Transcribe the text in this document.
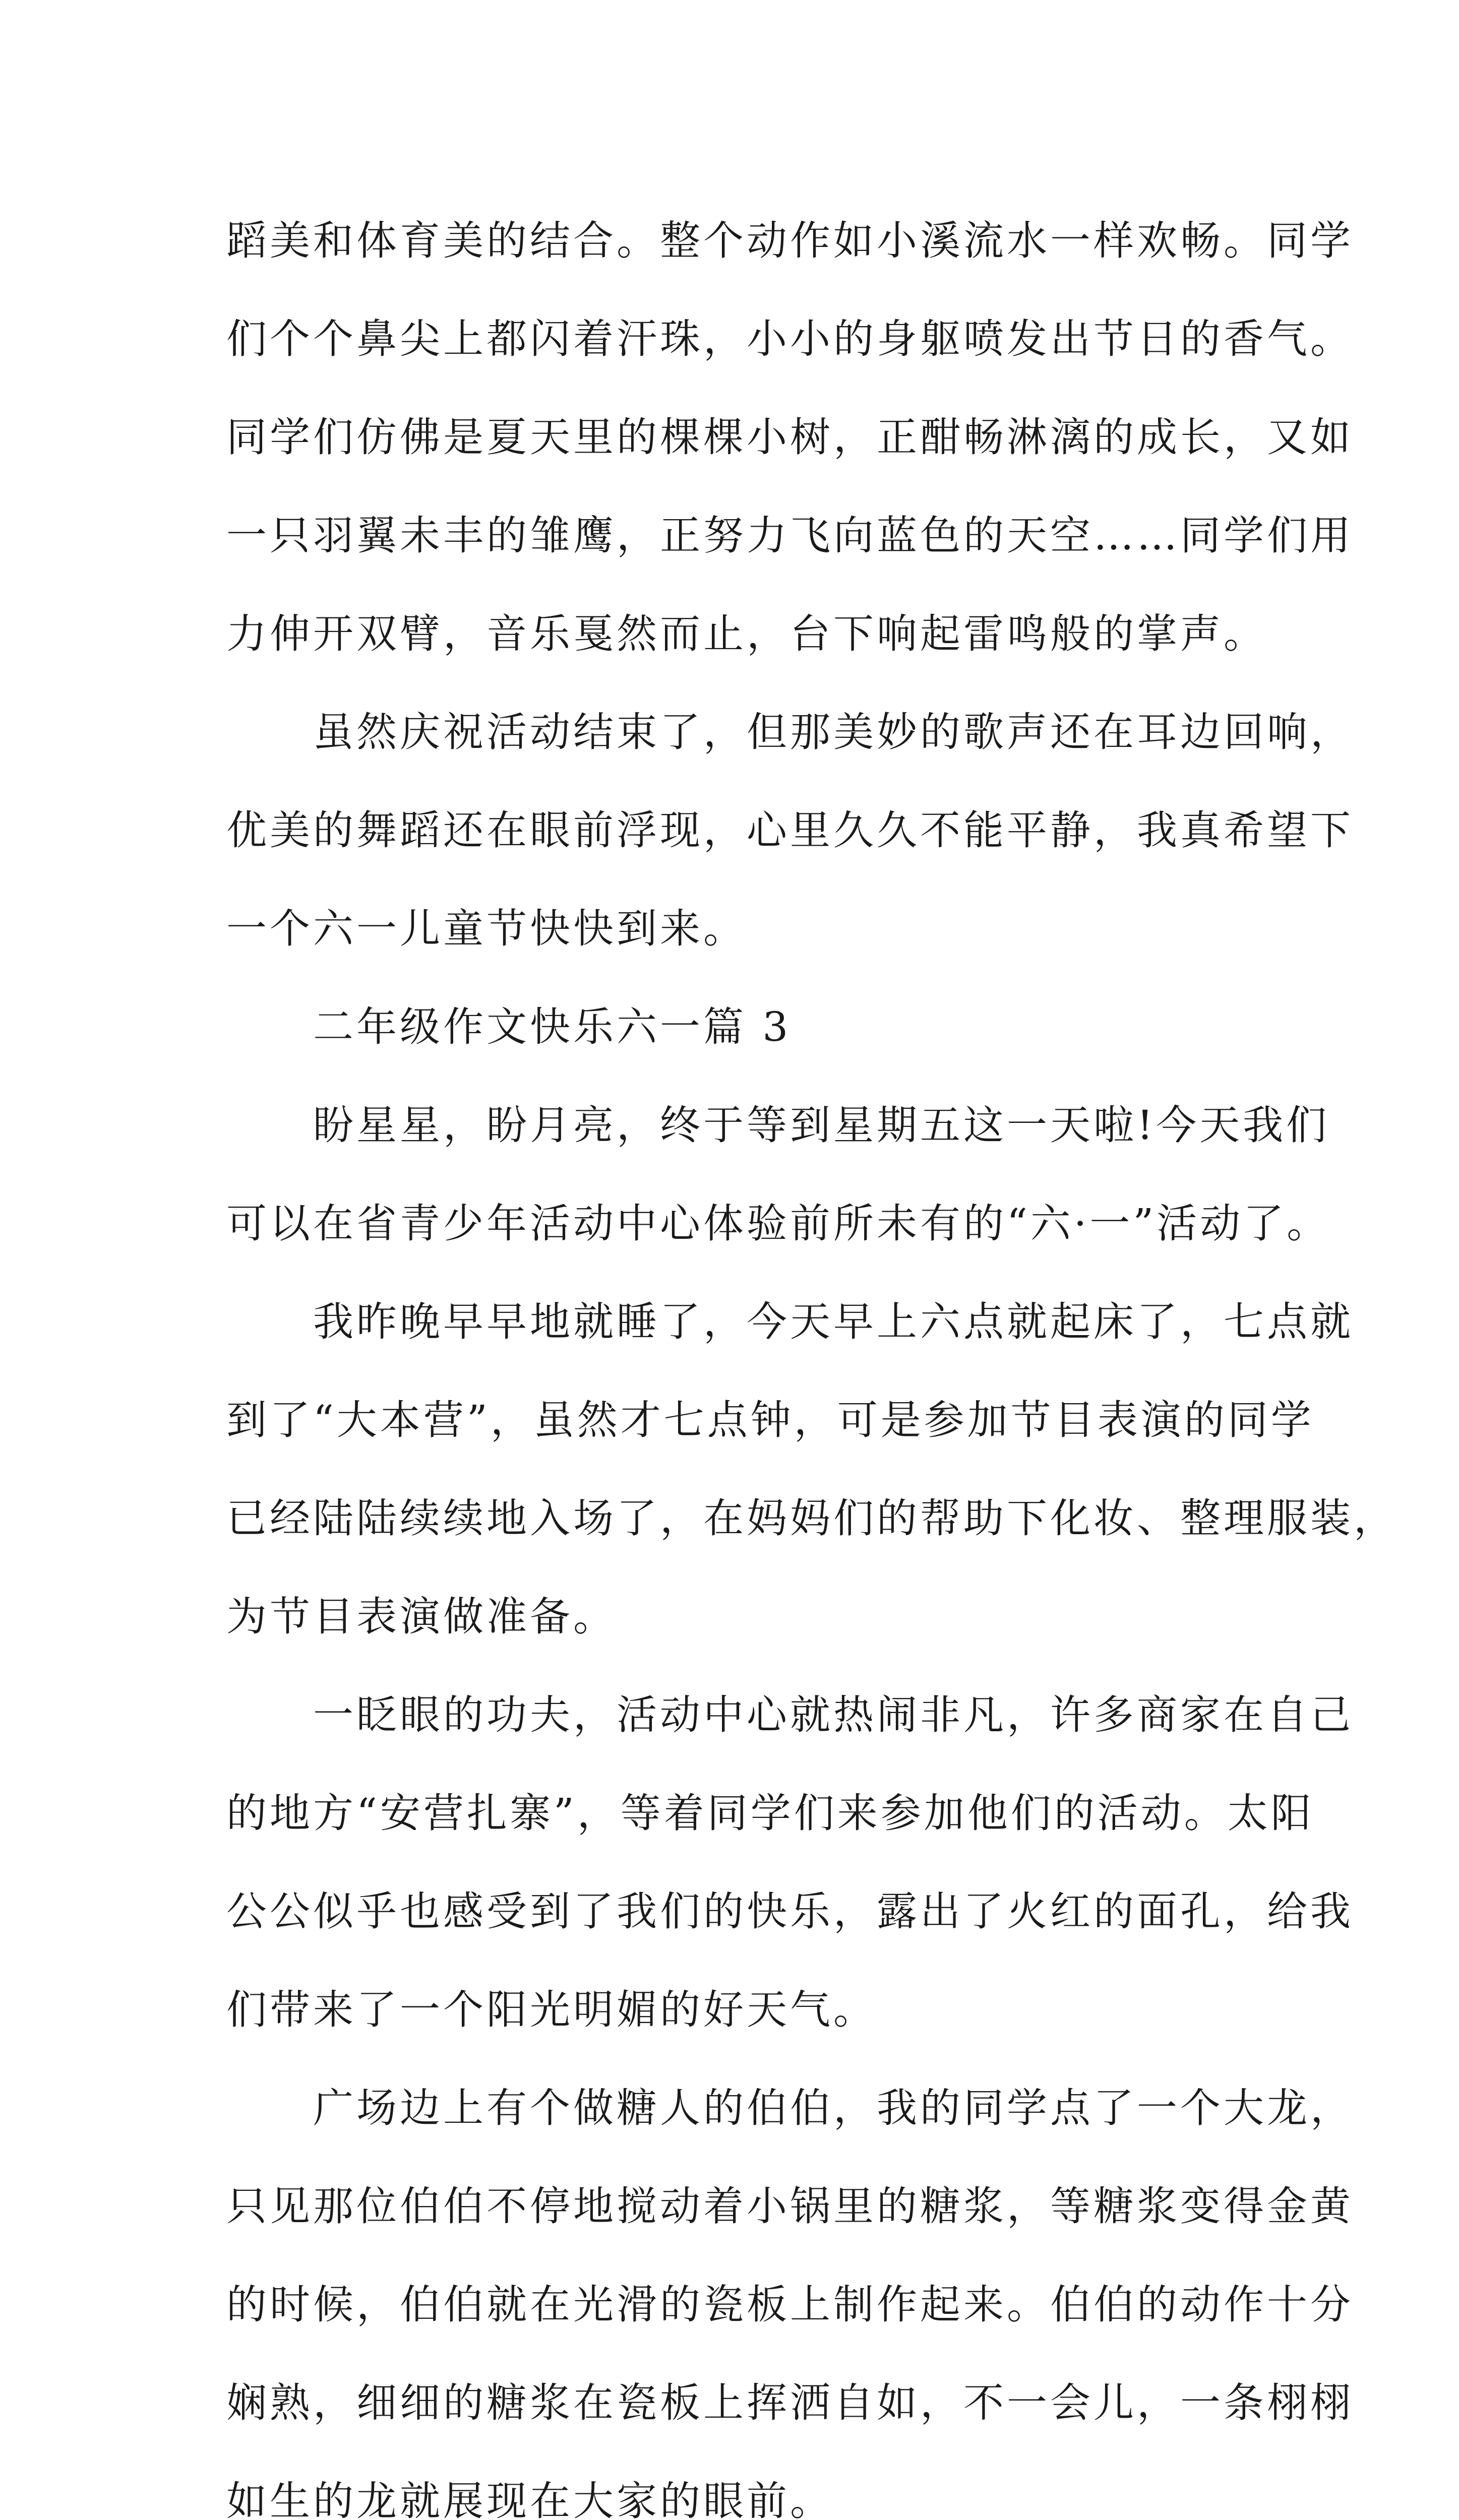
蹈美和体育美的结合。整个动作如小溪流水一样欢畅。同学
们个个鼻尖上都闪着汗珠，小小的身躯喷发出节日的香气。
同学们仿佛是夏天里的棵棵小树，正酣畅淋漓的成长，又如
一只羽翼未丰的雏鹰，正努力飞向蓝色的天空……同学们用
力伸开双臂，音乐戛然而止，台下响起雷鸣般的掌声。
虽然庆祝活动结束了，但那美妙的歌声还在耳边回响，
优美的舞蹈还在眼前浮现，心里久久不能平静，我真希望下
一个六一儿童节快快到来。
二年级作文快乐六一篇 3
盼星星，盼月亮，终于等到星期五这一天啦!今天我们
可以在省青少年活动中心体验前所未有的“六·一”活动了。
我昨晚早早地就睡了，今天早上六点就起床了，七点就
到了“大本营”，虽然才七点钟，可是参加节目表演的同学
已经陆陆续续地入场了，在妈妈们的帮助下化妆、整理服装，
为节目表演做准备。
一眨眼的功夫，活动中心就热闹非凡，许多商家在自己
的地方“安营扎寨”，等着同学们来参加他们的活动。太阳
公公似乎也感受到了我们的快乐，露出了火红的面孔，给我
们带来了一个阳光明媚的好天气。
广场边上有个做糖人的伯伯，我的同学点了一个大龙，
只见那位伯伯不停地搅动着小锅里的糖浆，等糖浆变得金黄
的时候，伯伯就在光滑的瓷板上制作起来。伯伯的动作十分
娴熟，细细的糖浆在瓷板上挥洒自如，不一会儿，一条栩栩
如生的龙就展现在大家的眼前。
